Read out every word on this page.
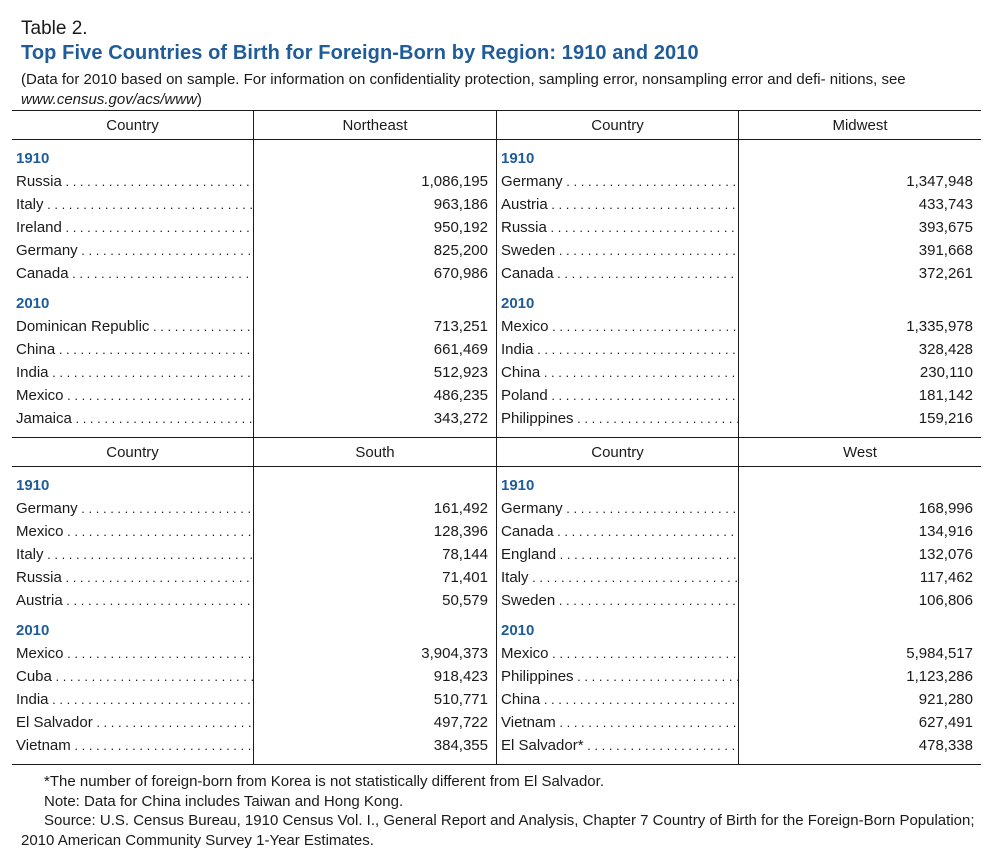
Table 2.
Top Five Countries of Birth for Foreign-Born by Region: 1910 and 2010
(Data for 2010 based on sample. For information on confidentiality protection, sampling error, nonsampling error and defi- nitions, see www.census.gov/acs/www)
Country
1910
Russia . . .
Italy . . .
Ireland . . .
Germany . . .
Canada . . .
2010
Dominican Republic . . .
China . . .
India . . .
Mexico . . .
Jamaica . . .
Northeast
1,086,195
963,186
950,192
825,200
670,986
713,251
661,469
512,923
486,235
343,272
Country
1910
Germany . . .
Austria . . .
Russia . . .
Sweden . . .
Canada . . .
2010
Mexico . . .
India . . .
China . . .
Poland . . .
Philippines . . .
Midwest
1,347,948
433,743
393,675
391,668
372,261
1,335,978
328,428
230,110
181,142
159,216
Country
1910
Germany . . .
Mexico . . .
Italy . . .
Russia . . .
Austria . . .
2010
Mexico . . .
Cuba . . .
India . . .
El Salvador . . .
Vietnam . . .
South
161,492
128,396
78,144
71,401
50,579
3,904,373
918,423
510,771
497,722
384,355
Country
1910
Germany . . .
Canada . . .
England . . .
Italy . . .
Sweden . . .
2010
Mexico . . .
Philippines . . .
China . . .
Vietnam . . .
El Salvador* . . .
West
168,996
134,916
132,076
117,462
106,806
5,984,517
1,123,286
921,280
627,491
478,338

*The number of foreign-born from Korea is not statistically different from El Salvador.

Note: Data for China includes Taiwan and Hong Kong.

Source: U.S. Census Bureau, 1910 Census Vol. I., General Report and Analysis, Chapter 7 Country of Birth for the Foreign-Born Population; 2010 American Community Survey 1-Year Estimates.
